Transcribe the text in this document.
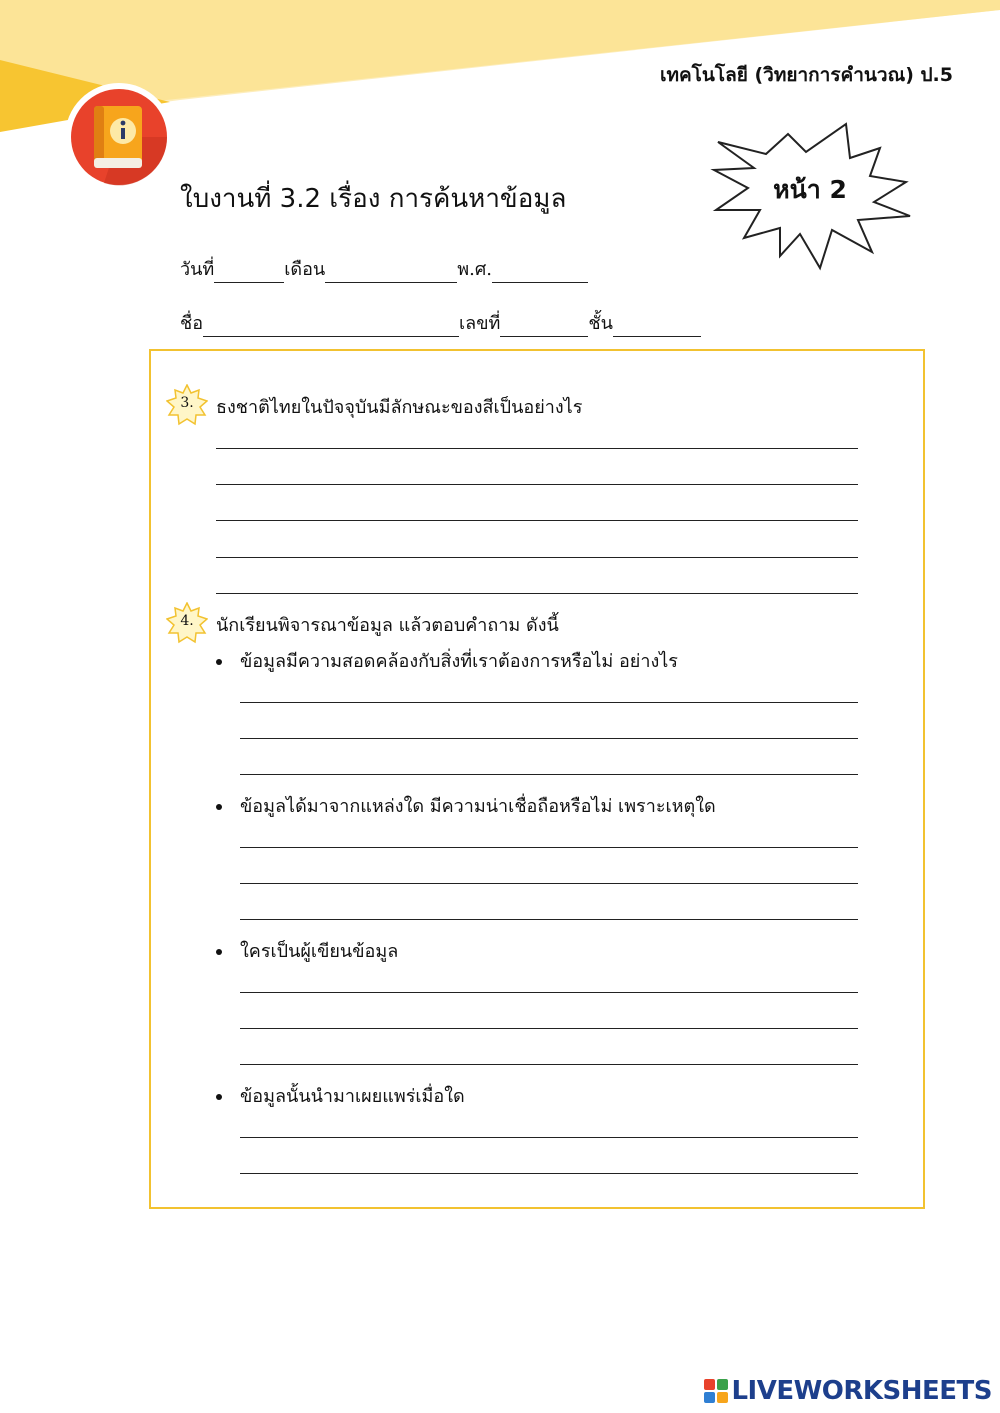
เทคโนโลยี (วิทยาการคำนวณ) ป.5
ใบงานที่ 3.2 เรื่อง การค้นหาข้อมูล	หน้า 2
วันที่	เดือน	พ.ศ.
ชื่อ	เลขที่	ชั้น
3.	ธงชาติไทยในปัจจุบันมีลักษณะของสีเป็นอย่างไร
4.	นักเรียนพิจารณาข้อมูล แล้วตอบคำถาม ดังนี้
ข้อมูลมีความสอดคล้องกับสิ่งที่เราต้องการหรือไม่ อย่างไร
ข้อมูลได้มาจากแหล่งใด มีความน่าเชื่อถือหรือไม่ เพราะเหตุใด
ใครเป็นผู้เขียนข้อมูล
ข้อมูลนั้นนำมาเผยแพร่เมื่อใด
LIVEWORKSHEETS
